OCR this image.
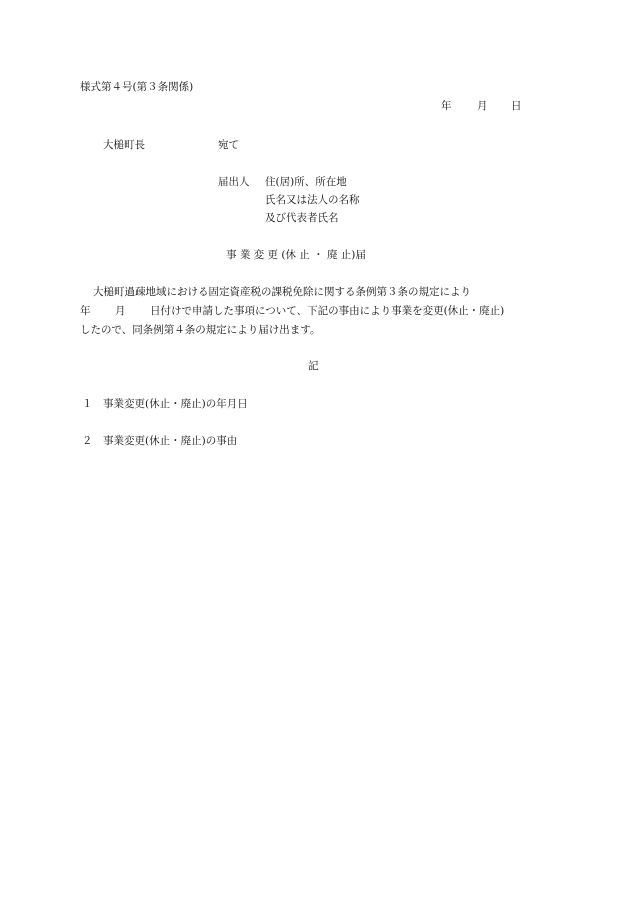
様式第４号(第３条関係)
年 月 日
大槌町長	宛て
届出人 住(居)所、所在地
氏名又は法人の名称
及び代表者氏名
事 業 変 更 (休 止 ・ 廃 止)届
大槌町過疎地域における固定資産税の課税免除に関する条例第３条の規定により
年 月 日付けで申請した事項について、下記の事由により事業を変更(休止・廃止)
したので、同条例第４条の規定により届け出ます。
記
１ 事業変更(休止・廃止)の年月日
２ 事業変更(休止・廃止)の事由
